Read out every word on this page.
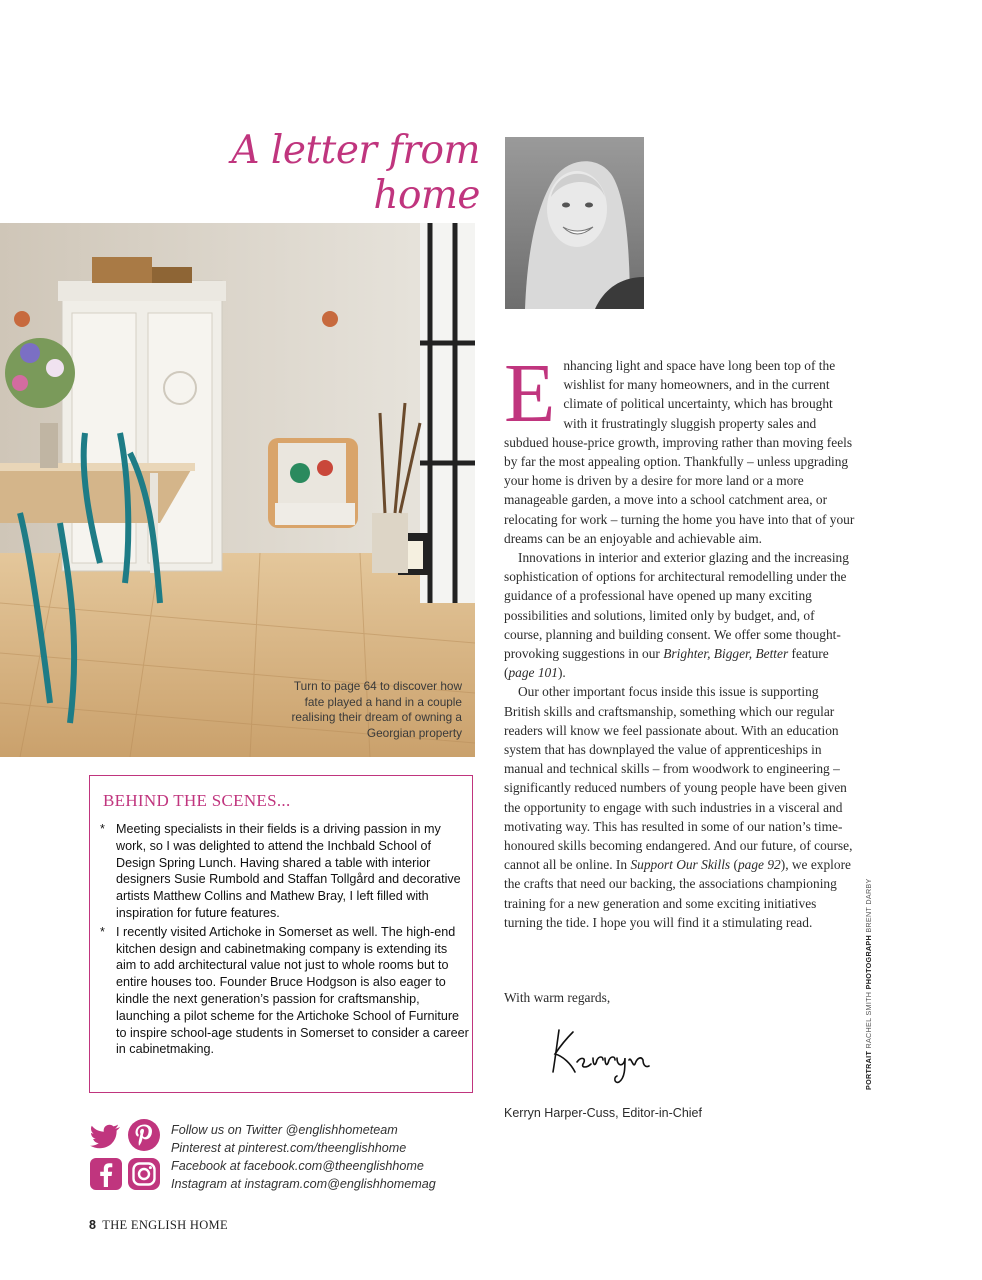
A letter from home
Turn to page 64 to discover how fate played a hand in a couple realising their dream of owning a Georgian property
BEHIND THE SCENES...
* Meeting specialists in their fields is a driving passion in my work, so I was delighted to attend the Inchbald School of Design Spring Lunch. Having shared a table with interior designers Susie Rumbold and Staffan Tollgård and decorative artists Matthew Collins and Mathew Bray, I left filled with inspiration for future features.
* I recently visited Artichoke in Somerset as well. The high-end kitchen design and cabinetmaking company is extending its aim to add architectural value not just to whole rooms but to entire houses too. Founder Bruce Hodgson is also eager to kindle the next generation’s passion for craftsmanship, launching a pilot scheme for the Artichoke School of Furniture to inspire school-age students in Somerset to consider a career in cabinetmaking.

Enhancing light and space have long been top of the wishlist for many homeowners, and in the current climate of political uncertainty, which has brought with it frustratingly sluggish property sales and subdued house-price growth, improving rather than moving feels by far the most appealing option. Thankfully – unless upgrading your home is driven by a desire for more land or a more manageable garden, a move into a school catchment area, or relocating for work – turning the home you have into that of your dreams can be an enjoyable and achievable aim.

Innovations in interior and exterior glazing and the increasing sophistication of options for architectural remodelling under the guidance of a professional have opened up many exciting possibilities and solutions, limited only by budget, and, of course, planning and building consent. We offer some thought-provoking suggestions in our Brighter, Bigger, Better feature (page 101).

Our other important focus inside this issue is supporting British skills and craftsmanship, something which our regular readers will know we feel passionate about. With an education system that has downplayed the value of apprenticeships in manual and technical skills – from woodwork to engineering – significantly reduced numbers of young people have been given the opportunity to engage with such industries in a visceral and motivating way. This has resulted in some of our nation’s time-honoured skills becoming endangered. And our future, of course, cannot all be online. In Support Our Skills (page 92), we explore the crafts that need our backing, the associations championing training for a new generation and some exciting initiatives turning the tide. I hope you will find it a stimulating read.

With warm regards,
Kerryn Harper-Cuss, Editor-in-Chief
Follow us on Twitter @englishhometeam
Pinterest at pinterest.com/theenglishhome
Facebook at facebook.com@theenglishhome
Instagram at instagram.com@englishhomemag
8 THE ENGLISH HOME
PORTRAIT RACHEL SMITH PHOTOGRAPH BRENT DARBY
